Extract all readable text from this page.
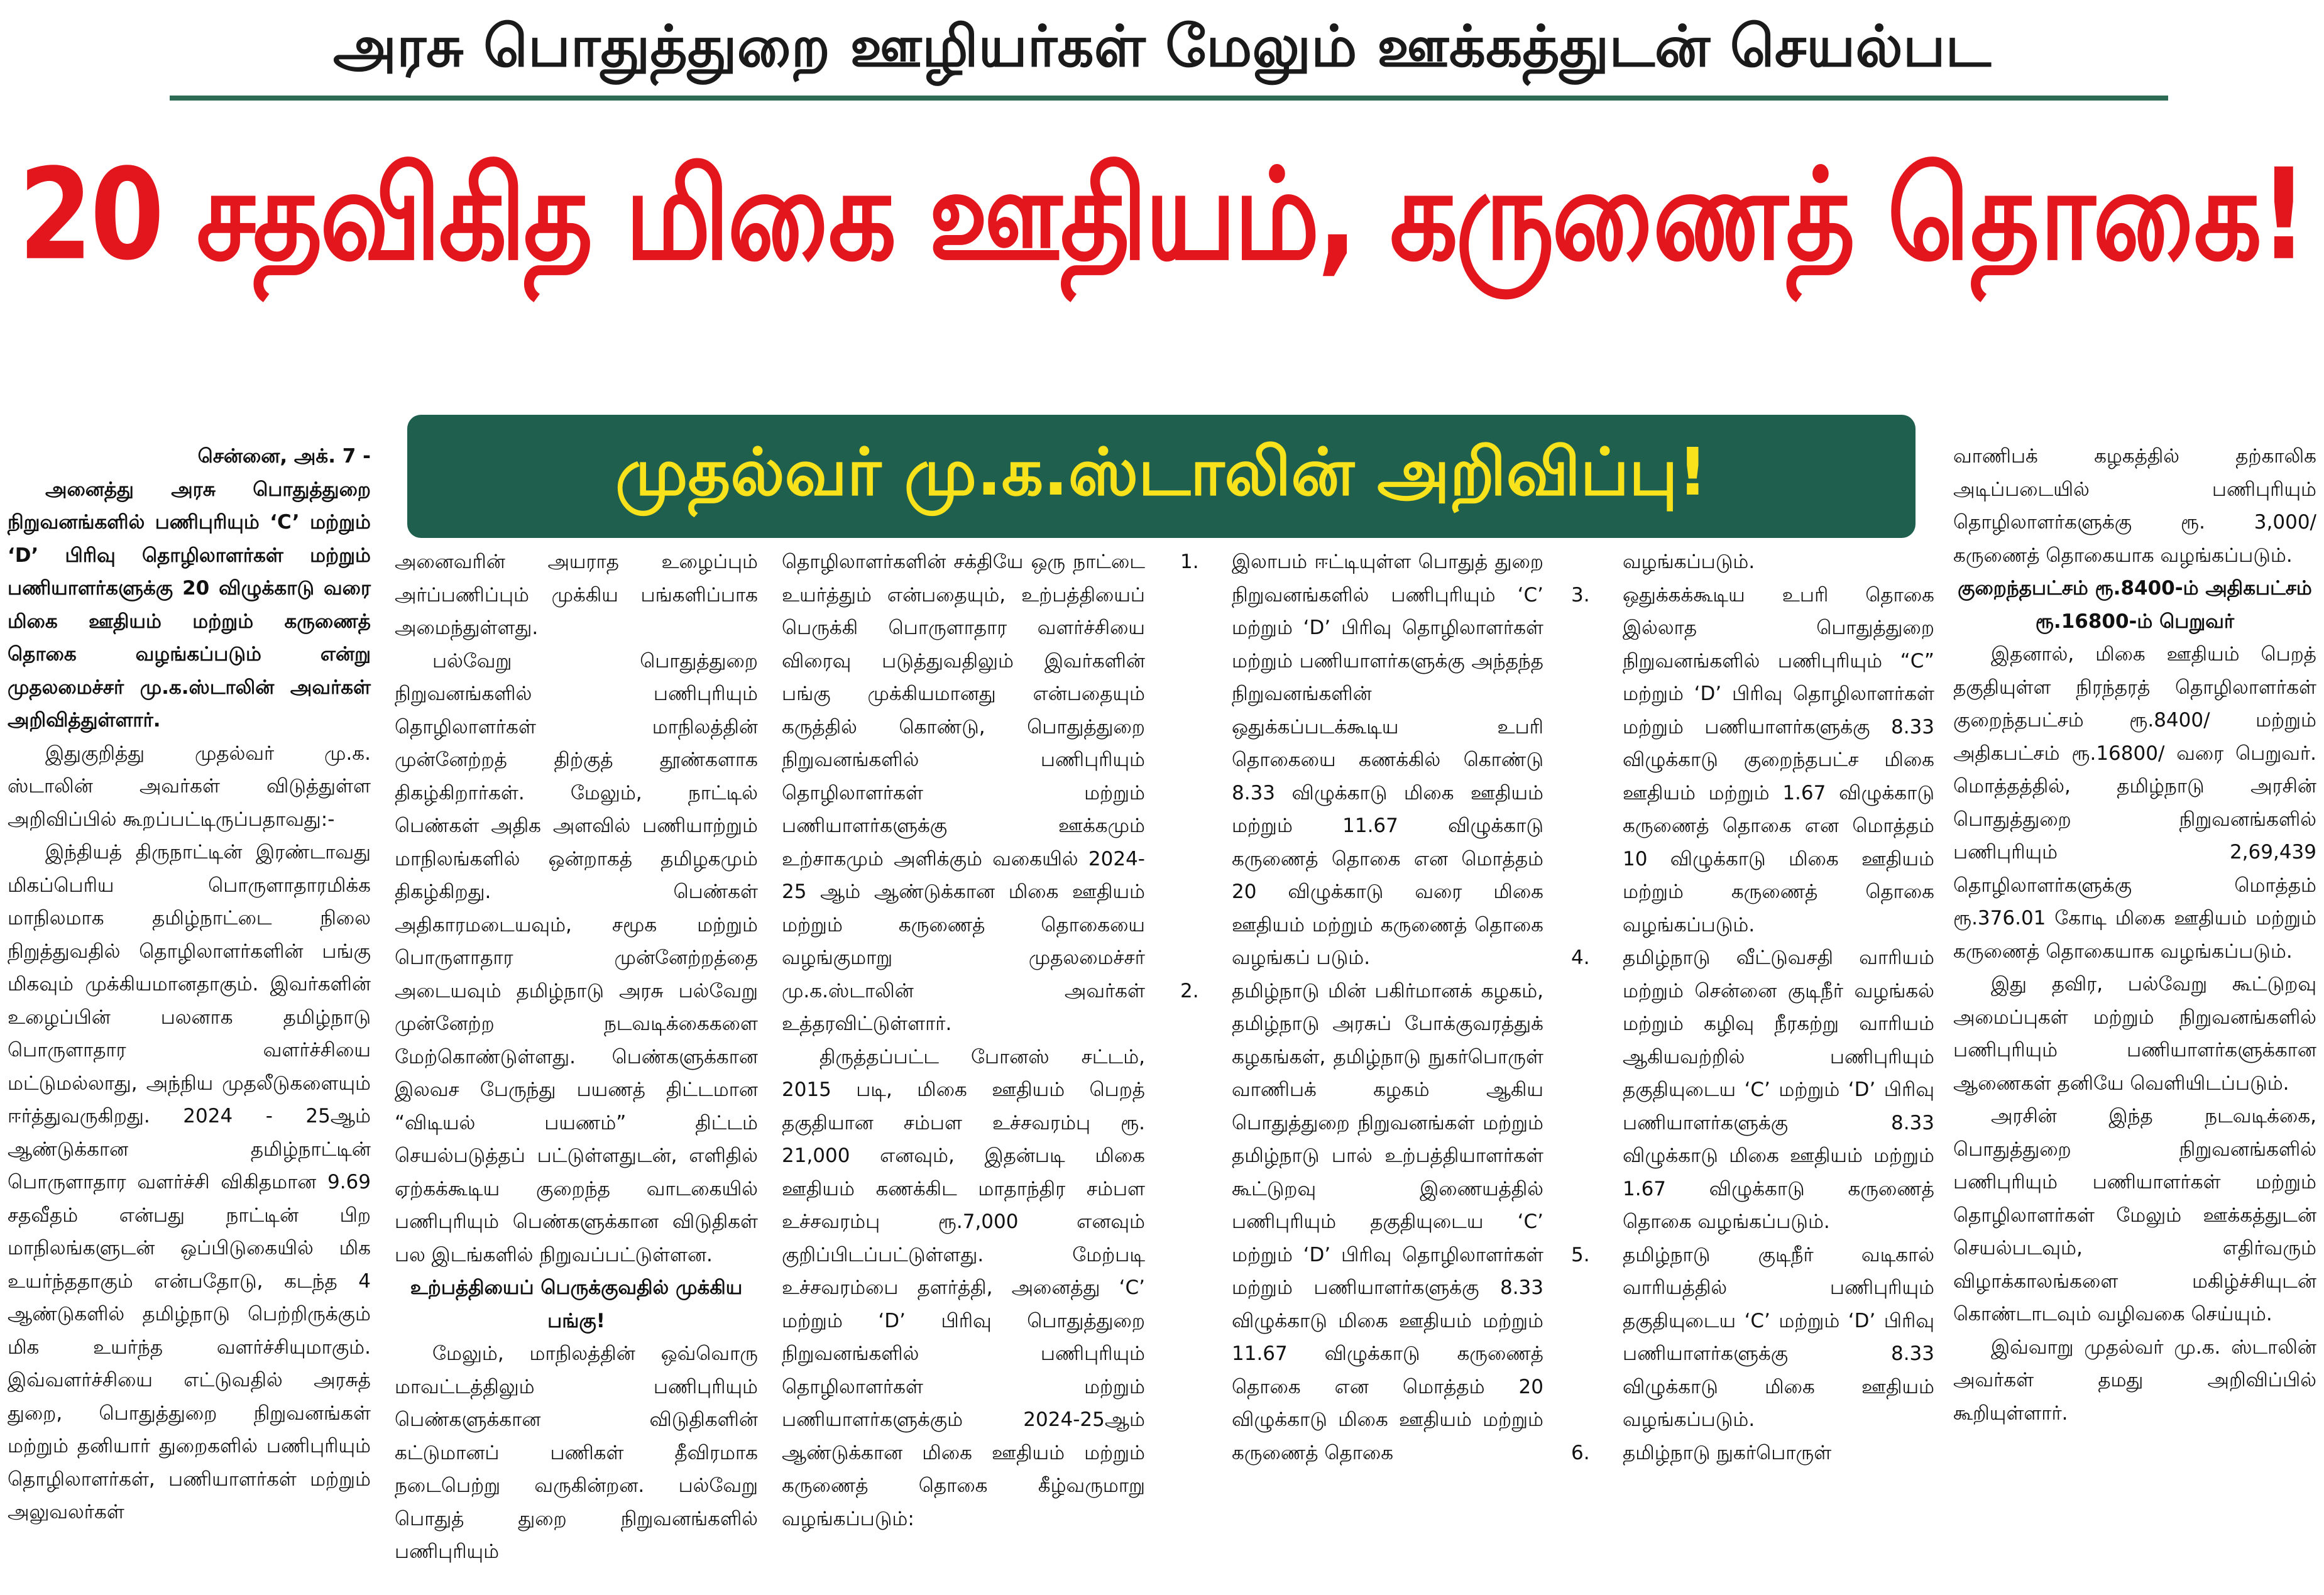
அரசு பொதுத்துறை ஊழியர்கள் மேலும் ஊக்கத்துடன் செயல்பட
20 சதவிகித மிகை ஊதியம், கருணைத் தொகை!
முதல்வர் மு.க.ஸ்டாலின் அறிவிப்பு!

சென்னை, அக். 7 -

அனைத்து அரசு பொதுத்துறை நிறுவனங்களில் பணிபுரியும் ‘C’ மற்றும் ‘D’ பிரிவு தொழிலாளர்கள் மற்றும் பணியாளர்களுக்கு 20 விழுக்காடு வரை மிகை ஊதியம் மற்றும் கருணைத் தொகை வழங்கப்படும் என்று முதலமைச்சர் மு.க.ஸ்டாலின் அவர்கள் அறிவித்துள்ளார்.

இதுகுறித்து முதல்வர் மு.க. ஸ்டாலின் அவர்கள் விடுத்துள்ள அறிவிப்பில் கூறப்பட்டிருப்பதாவது:-

இந்தியத் திருநாட்டின் இரண்டாவது மிகப்பெரிய பொருளாதாரமிக்க மாநிலமாக தமிழ்நாட்டை நிலை நிறுத்துவதில் தொழிலாளர்களின் பங்கு மிகவும் முக்கியமானதாகும். இவர்களின் உழைப்பின் பலனாக தமிழ்நாடு பொருளாதார வளர்ச்சியை மட்டுமல்லாது, அந்நிய முதலீடுகளையும் ஈர்த்துவருகிறது. 2024 - 25ஆம் ஆண்டுக்கான தமிழ்நாட்டின் பொருளாதார வளர்ச்சி விகிதமான 9.69 சதவீதம் என்பது நாட்டின் பிற மாநிலங்களுடன் ஒப்பிடுகையில் மிக உயர்ந்ததாகும் என்பதோடு, கடந்த 4 ஆண்டுகளில் தமிழ்நாடு பெற்றிருக்கும் மிக உயர்ந்த வளர்ச்சியுமாகும். இவ்வளர்ச்சியை எட்டுவதில் அரசுத் துறை, பொதுத்துறை நிறுவனங்கள் மற்றும் தனியார் துறைகளில் பணிபுரியும் தொழிலாளர்கள், பணியாளர்கள் மற்றும் அலுவலர்கள்

அனைவரின் அயராத உழைப்பும் அர்ப்பணிப்பும் முக்கிய பங்களிப்பாக அமைந்துள்ளது.

பல்வேறு பொதுத்துறை நிறுவனங்களில் பணிபுரியும் தொழிலாளர்கள் மாநிலத்தின் முன்னேற்றத் திற்குத் தூண்களாக திகழ்கிறார்கள். மேலும், நாட்டில் பெண்கள் அதிக அளவில் பணியாற்றும் மாநிலங்களில் ஒன்றாகத் தமிழகமும் திகழ்கிறது. பெண்கள் அதிகாரமடையவும், சமூக மற்றும் பொருளாதார முன்னேற்றத்தை அடையவும் தமிழ்நாடு அரசு பல்வேறு முன்னேற்ற நடவடிக்கைகளை மேற்கொண்டுள்ளது. பெண்களுக்கான இலவச பேருந்து பயணத் திட்டமான “விடியல் பயணம்” திட்டம் செயல்படுத்தப் பட்டுள்ளதுடன், எளிதில் ஏற்கக்கூடிய குறைந்த வாடகையில் பணிபுரியும் பெண்களுக்கான விடுதிகள் பல இடங்களில் நிறுவப்பட்டுள்ளன.

உற்பத்தியைப் பெருக்குவதில் முக்கிய பங்கு!

மேலும், மாநிலத்தின் ஒவ்வொரு மாவட்டத்திலும் பணிபுரியும் பெண்களுக்கான விடுதிகளின் கட்டுமானப் பணிகள் தீவிரமாக நடைபெற்று வருகின்றன. பல்வேறு பொதுத் துறை நிறுவனங்களில் பணிபுரியும்

தொழிலாளர்களின் சக்தியே ஒரு நாட்டை உயர்த்தும் என்பதையும், உற்பத்தியைப் பெருக்கி பொருளாதார வளர்ச்சியை விரைவு படுத்துவதிலும் இவர்களின் பங்கு முக்கியமானது என்பதையும் கருத்தில் கொண்டு, பொதுத்துறை நிறுவனங்களில் பணிபுரியும் தொழிலாளர்கள் மற்றும் பணியாளர்களுக்கு ஊக்கமும் உற்சாகமும் அளிக்கும் வகையில் 2024-25 ஆம் ஆண்டுக்கான மிகை ஊதியம் மற்றும் கருணைத் தொகையை வழங்குமாறு முதலமைச்சர் மு.க.ஸ்டாலின் அவர்கள் உத்தரவிட்டுள்ளார்.

திருத்தப்பட்ட போனஸ் சட்டம், 2015 படி, மிகை ஊதியம் பெறத் தகுதியான சம்பள உச்சவரம்பு ரூ. 21,000 எனவும், இதன்படி மிகை ஊதியம் கணக்கிட மாதாந்திர சம்பள உச்சவரம்பு ரூ.7,000 எனவும் குறிப்பிடப்பட்டுள்ளது. மேற்படி உச்சவரம்பை தளர்த்தி, அனைத்து ‘C’ மற்றும் ‘D’ பிரிவு பொதுத்துறை நிறுவனங்களில் பணிபுரியும் தொழிலாளர்கள் மற்றும் பணியாளர்களுக்கும் 2024-25ஆம் ஆண்டுக்கான மிகை ஊதியம் மற்றும் கருணைத் தொகை கீழ்வருமாறு வழங்கப்படும்:

1. இலாபம் ஈட்டியுள்ள பொதுத் துறை நிறுவனங்களில் பணிபுரியும் ‘C’ மற்றும் ‘D’ பிரிவு தொழிலாளர்கள் மற்றும் பணியாளர்களுக்கு அந்தந்த நிறுவனங்களின் ஒதுக்கப்படக்கூடிய உபரி தொகையை கணக்கில் கொண்டு 8.33 விழுக்காடு மிகை ஊதியம் மற்றும் 11.67 விழுக்காடு கருணைத் தொகை என மொத்தம் 20 விழுக்காடு வரை மிகை ஊதியம் மற்றும் கருணைத் தொகை வழங்கப் படும்.
2. தமிழ்நாடு மின் பகிர்மானக் கழகம், தமிழ்நாடு அரசுப் போக்குவரத்துக் கழகங்கள், தமிழ்நாடு நுகர்பொருள் வாணிபக் கழகம் ஆகிய பொதுத்துறை நிறுவனங்கள் மற்றும் தமிழ்நாடு பால் உற்பத்தியாளர்கள் கூட்டுறவு இணையத்தில் பணிபுரியும் தகுதியுடைய ‘C’ மற்றும் ‘D’ பிரிவு தொழிலாளர்கள் மற்றும் பணியாளர்களுக்கு 8.33 விழுக்காடு மிகை ஊதியம் மற்றும் 11.67 விழுக்காடு கருணைத் தொகை என மொத்தம் 20 விழுக்காடு மிகை ஊதியம் மற்றும் கருணைத் தொகை

வழங்கப்படும்.

3. ஒதுக்கக்கூடிய உபரி தொகை இல்லாத பொதுத்துறை நிறுவனங்களில் பணிபுரியும் “C” மற்றும் ‘D’ பிரிவு தொழிலாளர்கள் மற்றும் பணியாளர்களுக்கு 8.33 விழுக்காடு குறைந்தபட்ச மிகை ஊதியம் மற்றும் 1.67 விழுக்காடு கருணைத் தொகை என மொத்தம் 10 விழுக்காடு மிகை ஊதியம் மற்றும் கருணைத் தொகை வழங்கப்படும்.
4. தமிழ்நாடு வீட்டுவசதி வாரியம் மற்றும் சென்னை குடிநீர் வழங்கல் மற்றும் கழிவு நீரகற்று வாரியம் ஆகியவற்றில் பணிபுரியும் தகுதியுடைய ‘C’ மற்றும் ‘D’ பிரிவு பணியாளர்களுக்கு 8.33 விழுக்காடு மிகை ஊதியம் மற்றும் 1.67 விழுக்காடு கருணைத் தொகை வழங்கப்படும்.
5. தமிழ்நாடு குடிநீர் வடிகால் வாரியத்தில் பணிபுரியும் தகுதியுடைய ‘C’ மற்றும் ‘D’ பிரிவு பணியாளர்களுக்கு 8.33 விழுக்காடு மிகை ஊதியம் வழங்கப்படும்.
6. தமிழ்நாடு நுகர்பொருள்

வாணிபக் கழகத்தில் தற்காலிக அடிப்படையில் பணிபுரியும் தொழிலாளர்களுக்கு ரூ. 3,000/ கருணைத் தொகையாக வழங்கப்படும்.

குறைந்தபட்சம் ரூ.8400-ம் அதிகபட்சம் ரூ.16800-ம் பெறுவர்

இதனால், மிகை ஊதியம் பெறத் தகுதியுள்ள நிரந்தரத் தொழிலாளர்கள் குறைந்தபட்சம் ரூ.8400/ மற்றும் அதிகபட்சம் ரூ.16800/ வரை பெறுவர். மொத்தத்தில், தமிழ்நாடு அரசின் பொதுத்துறை நிறுவனங்களில் பணிபுரியும் 2,69,439 தொழிலாளர்களுக்கு மொத்தம் ரூ.376.01 கோடி மிகை ஊதியம் மற்றும் கருணைத் தொகையாக வழங்கப்படும்.

இது தவிர, பல்வேறு கூட்டுறவு அமைப்புகள் மற்றும் நிறுவனங்களில் பணிபுரியும் பணியாளர்களுக்கான ஆணைகள் தனியே வெளியிடப்படும்.

அரசின் இந்த நடவடிக்கை, பொதுத்துறை நிறுவனங்களில் பணிபுரியும் பணியாளர்கள் மற்றும் தொழிலாளர்கள் மேலும் ஊக்கத்துடன் செயல்படவும், எதிர்வரும் விழாக்காலங்களை மகிழ்ச்சியுடன் கொண்டாடவும் வழிவகை செய்யும்.

இவ்வாறு முதல்வர் மு.க. ஸ்டாலின் அவர்கள் தமது அறிவிப்பில் கூறியுள்ளார்.
